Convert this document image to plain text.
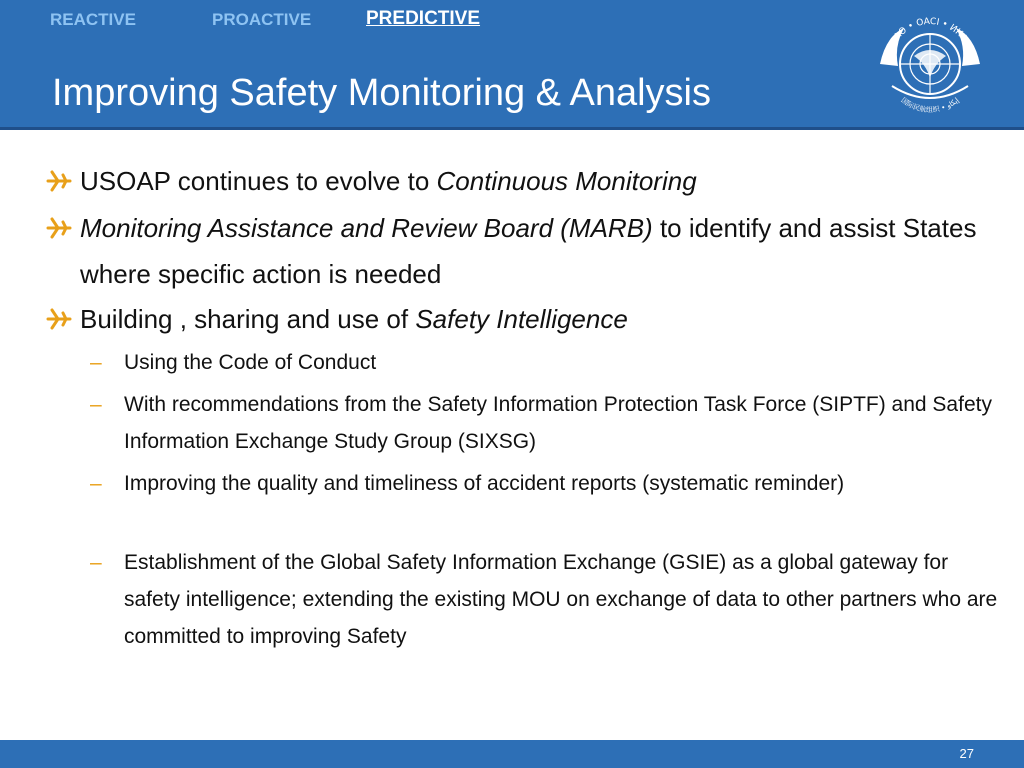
REACTIVE	PROACTIVE	PREDICTIVE
Improving Safety Monitoring & Analysis
ICAO • OACI • ИКАО
国际民航组织 • إيكاو
USOAP continues to evolve to Continuous Monitoring
Monitoring Assistance and Review Board (MARB) to identify and assist States where specific action is needed
Building , sharing and use of Safety Intelligence
– Using the Code of Conduct
– With recommendations from the Safety Information Protection Task Force (SIPTF) and Safety Information Exchange Study Group (SIXSG)
– Improving the quality and timeliness of accident reports (systematic reminder)
– Establishment of the Global Safety Information Exchange (GSIE) as a global gateway for safety intelligence; extending the existing MOU on exchange of data to other partners who are committed to improving Safety
27
